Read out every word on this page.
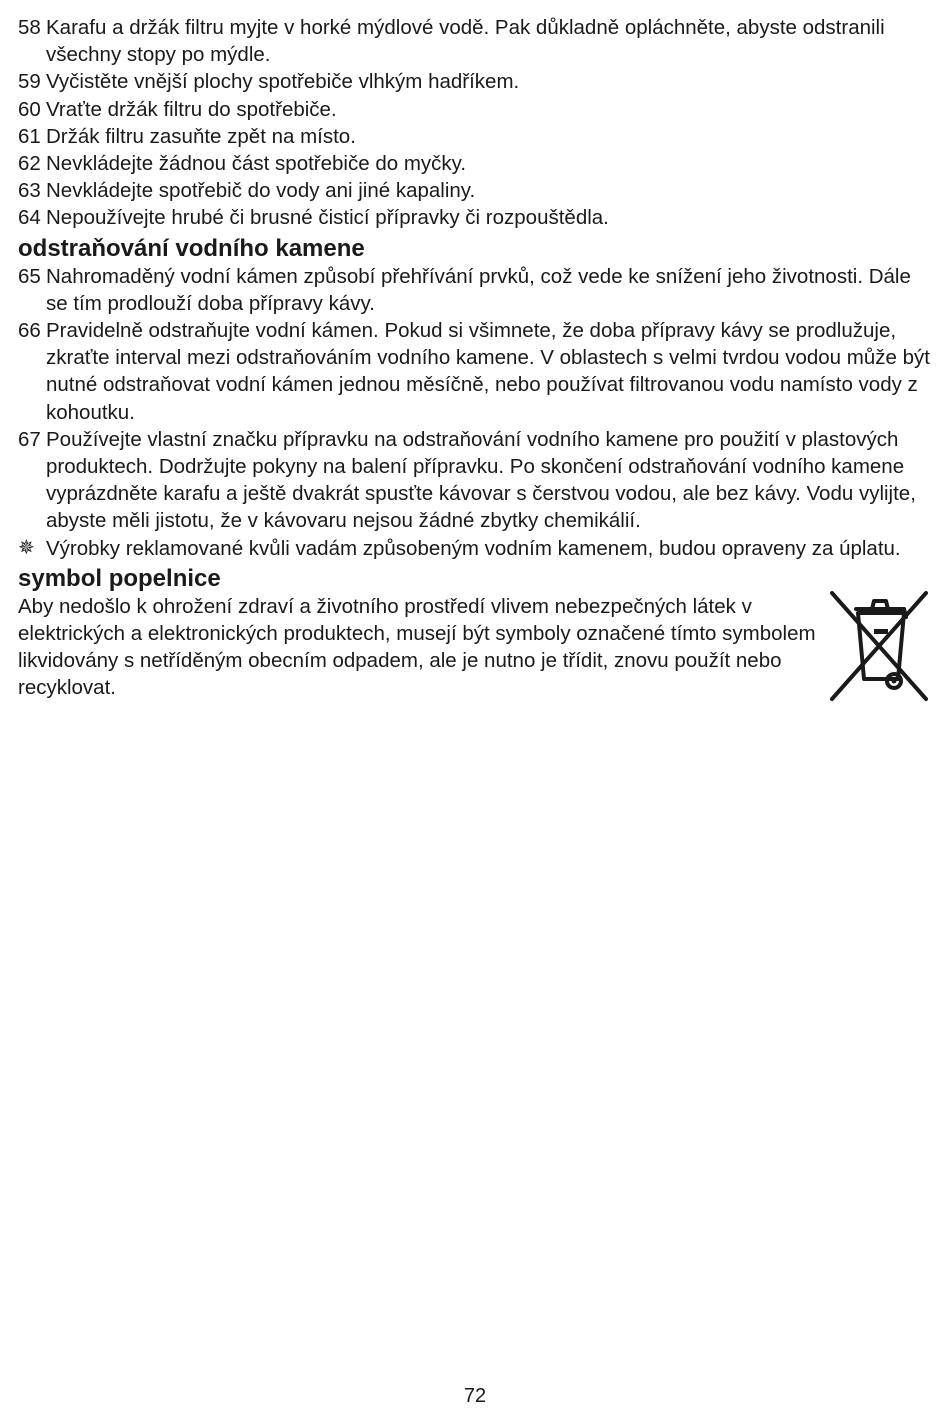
58 Karafu a držák filtru myjte v horké mýdlové vodě. Pak důkladně opláchněte, abyste odstranili všechny stopy po mýdle.

59 Vyčistěte vnější plochy spotřebiče vlhkým hadříkem.

60 Vraťte držák filtru do spotřebiče.

61 Držák filtru zasuňte zpět na místo.

62 Nevkládejte žádnou část spotřebiče do myčky.

63 Nevkládejte spotřebič do vody ani jiné kapaliny.

64 Nepoužívejte hrubé či brusné čisticí přípravky či rozpouštědla.

odstraňování vodního kamene

65 Nahromaděný vodní kámen způsobí přehřívání prvků, což vede ke snížení jeho životnosti. Dále se tím prodlouží doba přípravy kávy.

66 Pravidelně odstraňujte vodní kámen. Pokud si všimnete, že doba přípravy kávy se prodlužuje, zkraťte interval mezi odstraňováním vodního kamene. V oblastech s velmi tvrdou vodou může být nutné odstraňovat vodní kámen jednou měsíčně, nebo používat filtrovanou vodu namísto vody z kohoutku.

67 Používejte vlastní značku přípravku na odstraňování vodního kamene pro použití v plastových produktech. Dodržujte pokyny na balení přípravku. Po skončení odstraňování vodního kamene vyprázdněte karafu a ještě dvakrát spusťte kávovar s čerstvou vodou, ale bez kávy. Vodu vylijte, abyste měli jistotu, že v kávovaru nejsou žádné zbytky chemikálií.

✵ Výrobky reklamované kvůli vadám způsobeným vodním kamenem, budou opraveny za úplatu.

symbol popelnice

Aby nedošlo k ohrožení zdraví a životního prostředí vlivem nebezpečných látek v elektrických a elektronických produktech, musejí být symboly označené tímto symbolem likvidovány s netříděným obecním odpadem, ale je nutno je třídit, znovu použít nebo recyklovat.

72
